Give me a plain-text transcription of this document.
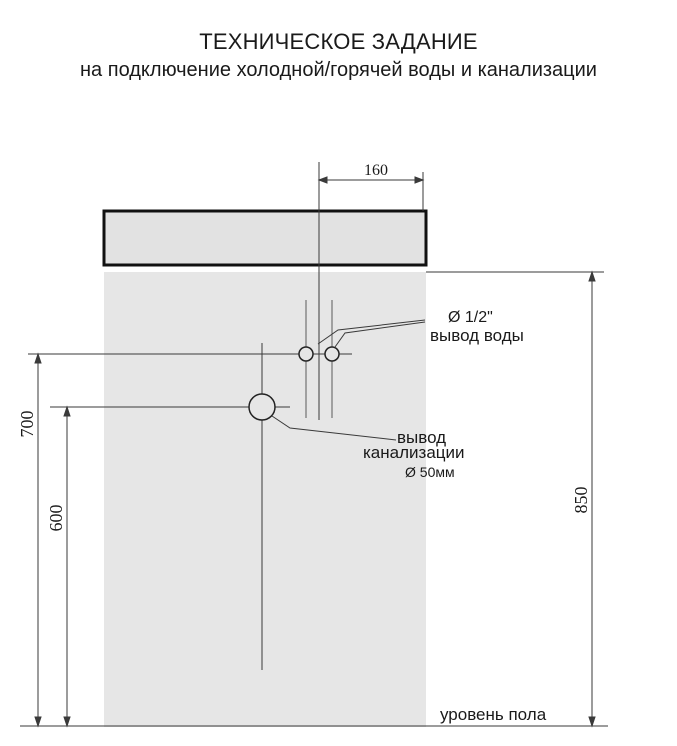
ТЕХНИЧЕСКОЕ ЗАДАНИЕ
на подключение холодной/горячей воды и канализации
160
Ø 1/2"
вывод воды
вывод
канализации
Ø 50мм
700
600
850
уровень пола
